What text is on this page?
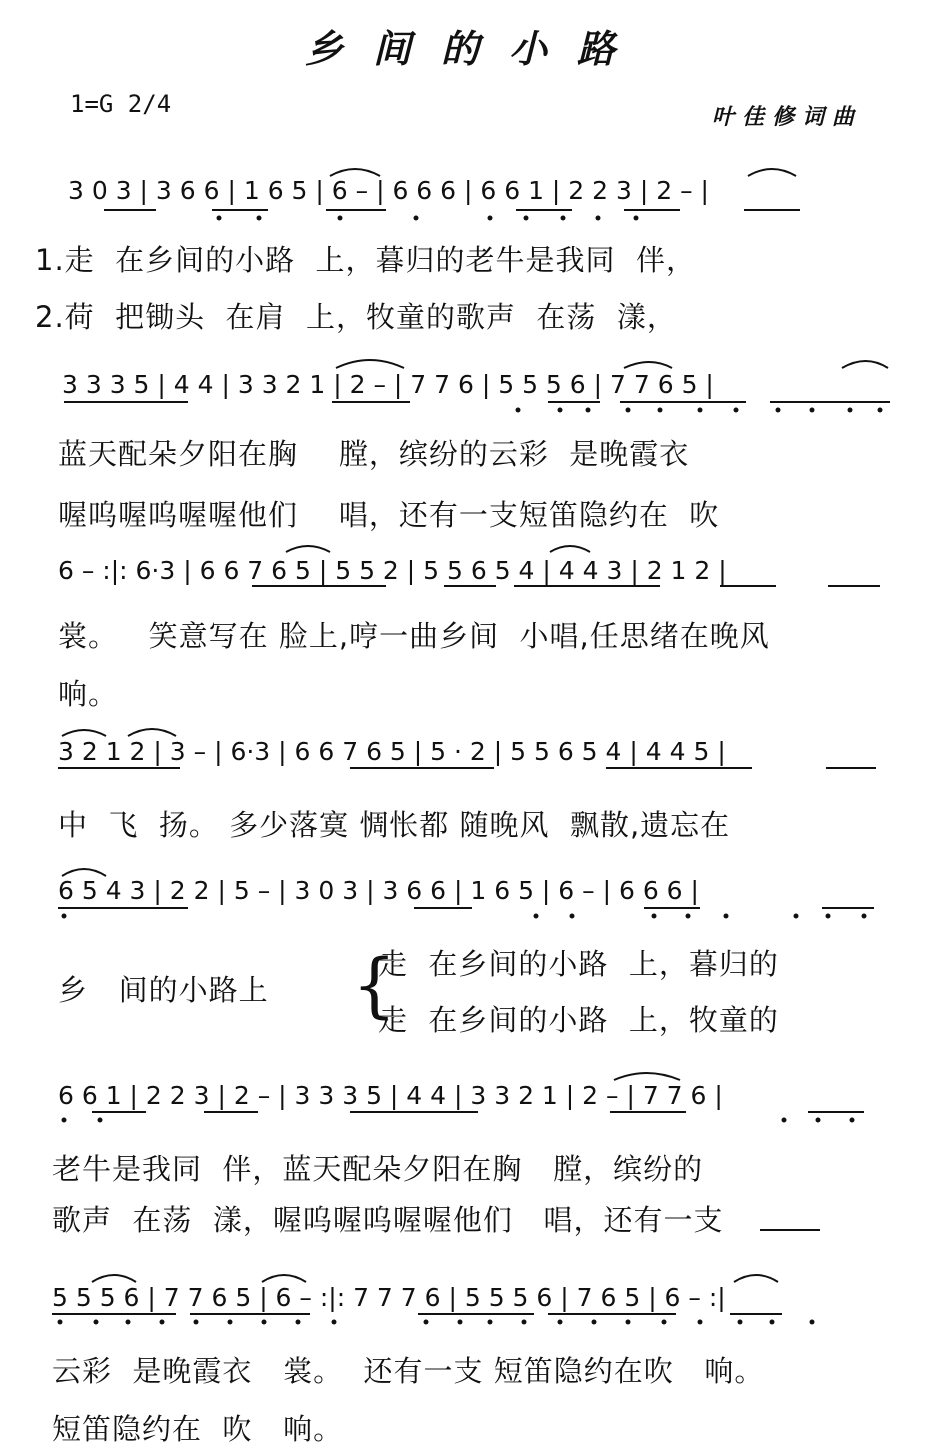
乡间的小路
1=G 2/4	叶佳修词曲
3 0 3 | 3 6 6 | 1 6 5 | 6 – | 6 6 6 | 6 6 1 | 2 2 3 | 2 – |
1.走  在乡间的小路  上，暮归的老牛是我同  伴，
2.荷  把锄头  在肩  上，牧童的歌声  在荡  漾，
3 3 3 5 | 4 4 | 3 3 2 1 | 2 – | 7 7 6 | 5 5 5 6 | 7 7 6 5 |
蓝天配朵夕阳在胸    膛，缤纷的云彩  是晚霞衣
喔呜喔呜喔喔他们    唱，还有一支短笛隐约在  吹
6 – :|: 6·3 | 6 6 7 6 5 | 5 5 2 | 5 5 6 5 4 | 4 4 3 | 2 1 2 |
裳。   笑意写在 脸上,哼一曲乡间  小唱,任思绪在晚风
响。
3 2 1 2 | 3 – | 6·3 | 6 6 7 6 5 | 5 · 2 | 5 5 6 5 4 | 4 4 5 |
中  飞  扬。 多少落寞 惆怅都 随晚风  飘散,遗忘在
6 5 4 3 | 2 2 | 5 – | 3 0 3 | 3 6 6 | 1 6 5 | 6 – | 6 6 6 |
乡   间的小路上 {
走  在乡间的小路  上，暮归的
走  在乡间的小路  上，牧童的
6 6 1 | 2 2 3 | 2 – | 3 3 3 5 | 4 4 | 3 3 2 1 | 2 – | 7 7 6 |
老牛是我同  伴，蓝天配朵夕阳在胸   膛，缤纷的
歌声  在荡  漾，喔呜喔呜喔喔他们   唱，还有一支
5 5 5 6 | 7 7 6 5 | 6 – :|: 7 7 7 6 | 5 5 5 6 | 7 6 5 | 6 – :|
云彩  是晚霞衣   裳。  还有一支 短笛隐约在吹   响。
短笛隐约在  吹   响。
